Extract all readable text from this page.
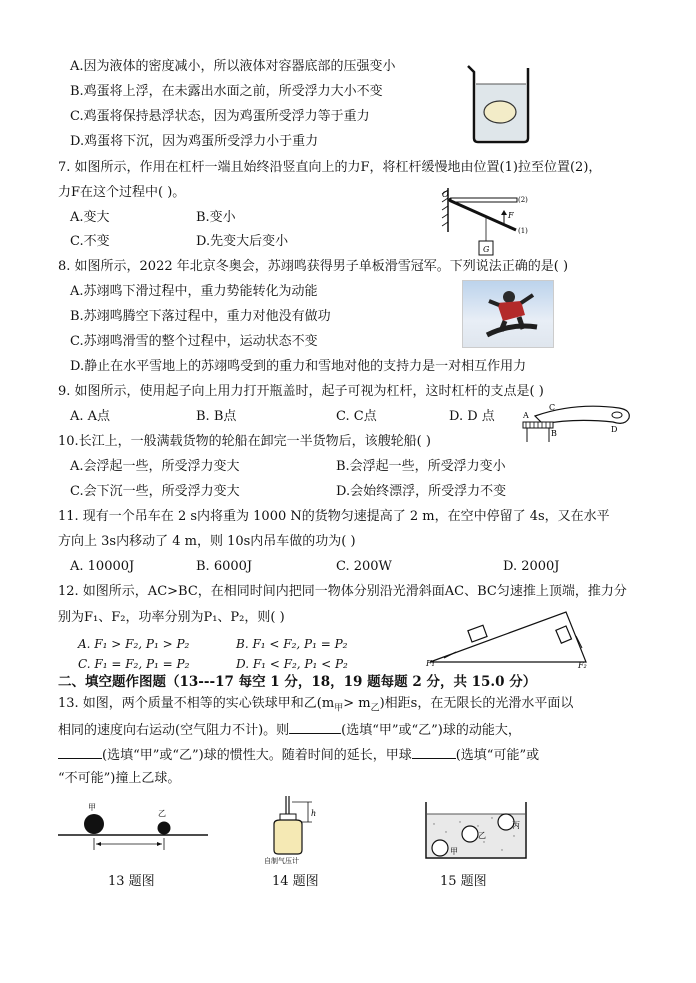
A.因为液体的密度减小，所以液体对容器底部的压强变小
B.鸡蛋将上浮，在未露出水面之前，所受浮力大小不变
C.鸡蛋将保持悬浮状态，因为鸡蛋所受浮力等于重力
D.鸡蛋将下沉，因为鸡蛋所受浮力小于重力
7. 如图所示，作用在杠杆一端且始终沿竖直向上的力F，将杠杆缓慢地由位置(1)拉至位置(2)，
力F在这个过程中( )。
A.变大	B.变小
C.不变	D.先变大后变小
O
(2)
F
(1)
G
8. 如图所示，2022 年北京冬奥会，苏翊鸣获得男子单板滑雪冠军。下列说法正确的是( )
A.苏翊鸣下滑过程中，重力势能转化为动能
B.苏翊鸣腾空下落过程中，重力对他没有做功
C.苏翊鸣滑雪的整个过程中，运动状态不变
D.静止在水平雪地上的苏翊鸣受到的重力和雪地对他的支持力是一对相互作用力
9. 如图所示，使用起子向上用力打开瓶盖时，起子可视为杠杆，这时杠杆的支点是( )
A. A点	B. B点	C. C点	D. D 点	A
B
C
D
10.长江上，一般满载货物的轮船在卸完一半货物后，该艘轮船( )
A.会浮起一些，所受浮力变大	B.会浮起一些，所受浮力变小
C.会下沉一些，所受浮力变大	D.会始终漂浮，所受浮力不变
11. 现有一个吊车在 2 s内将重为 1000 N的货物匀速提高了 2 m，在空中停留了 4s，又在水平
方向上 3s内移动了 4 m，则 10s内吊车做的功为( )
A. 10000J	B. 6000J	C. 200W	D. 2000J
12. 如图所示，AC>BC，在相同时间内把同一物体分别沿光滑斜面AC、BC匀速推上顶端，推力分
别为F₁、F₂，功率分别为P₁、P₂，则( )
A. F₁ > F₂, P₁ > P₂	B. F₁ < F₂, P₁ = P₂
C. F₁ = F₂, P₁ = P₂	D. F₁ < F₂, P₁ < P₂	F₁	F₂
二、填空题作图题（13---17 每空 1 分，18，19 题每题 2 分，共 15.0 分）
13. 如图，两个质量不相等的实心铁球甲和乙$(m_甲> m_乙)$相距s，在无限长的光滑水平面以
相同的速度向右运动(空气阻力不计)。则	(选填“甲”或“乙”)球的动能大，
(选填“甲”或“乙”)球的惯性大。随着时间的延长，甲球	(选填“可能”或
“不可能”)撞上乙球。
甲
乙	h
自制气压计
丙
乙
甲
13 题图	14 题图	15 题图
